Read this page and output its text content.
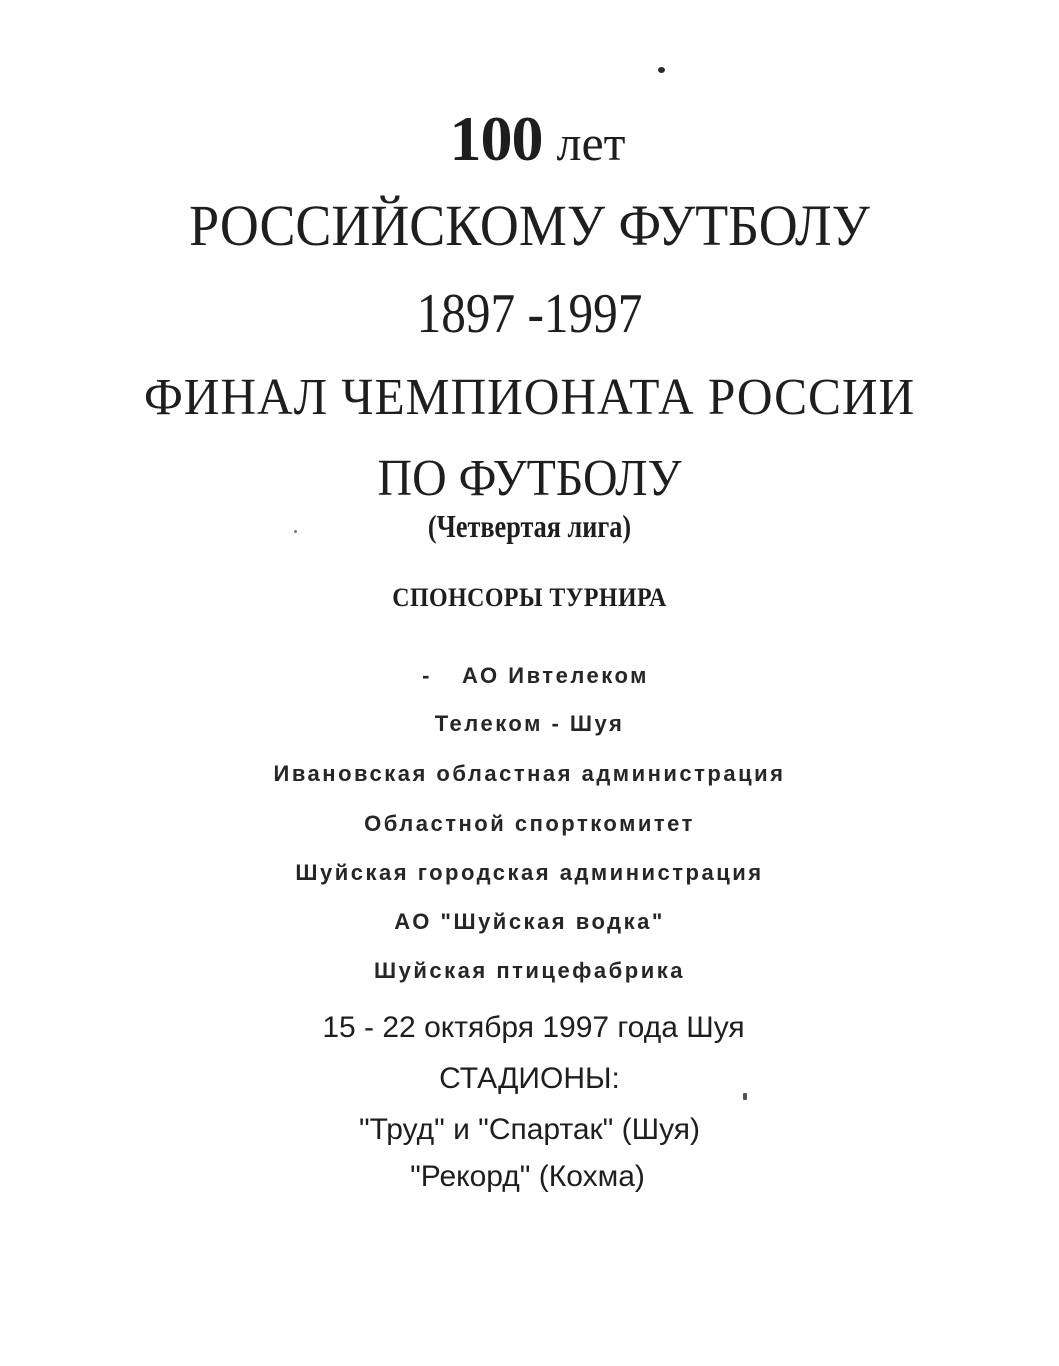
100 лет
РОССИЙСКОМУ ФУТБОЛУ
1897 -1997
ФИНАЛ ЧЕМПИОНАТА РОССИИ
ПО ФУТБОЛУ
(Четвертая лига)
СПОНСОРЫ ТУРНИРА
- АО Ивтелеком
Телеком - Шуя
Ивановская областная администрация
Областной спорткомитет
Шуйская городская администрация
АО "Шуйская водка"
Шуйская птицефабрика
15 - 22 октября 1997 года Шуя
СТАДИОНЫ:
"Труд" и "Спартак" (Шуя)
"Рекорд" (Кохма)
